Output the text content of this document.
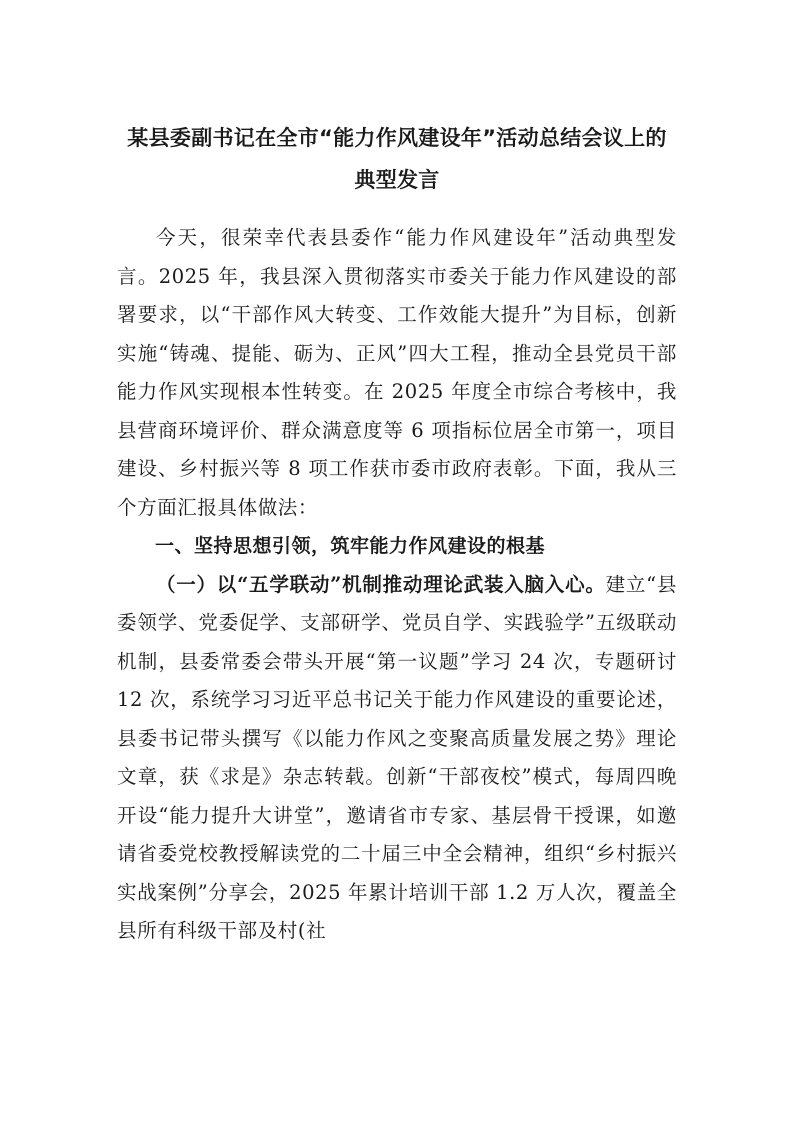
某县委副书记在全市“能力作风建设年”活动总结会议上的
典型发言

今天，很荣幸代表县委作“能力作风建设年”活动典型发言。2025 年，我县深入贯彻落实市委关于能力作风建设的部署要求，以“干部作风大转变、工作效能大提升”为目标，创新实施“铸魂、提能、砺为、正风”四大工程，推动全县党员干部能力作风实现根本性转变。在 2025 年度全市综合考核中，我县营商环境评价、群众满意度等 6 项指标位居全市第一，项目建设、乡村振兴等 8 项工作获市委市政府表彰。下面，我从三个方面汇报具体做法：

一、坚持思想引领，筑牢能力作风建设的根基

（一）以“五学联动”机制推动理论武装入脑入心。建立“县委领学、党委促学、支部研学、党员自学、实践验学”五级联动机制，县委常委会带头开展“第一议题”学习 24 次，专题研讨 12 次，系统学习习近平总书记关于能力作风建设的重要论述，县委书记带头撰写《以能力作风之变聚高质量发展之势》理论文章，获《求是》杂志转载。创新“干部夜校”模式，每周四晚开设“能力提升大讲堂”，邀请省市专家、基层骨干授课，如邀请省委党校教授解读党的二十届三中全会精神，组织“乡村振兴实战案例”分享会，2025 年累计培训干部 1.2 万人次，覆盖全县所有科级干部及村(社
